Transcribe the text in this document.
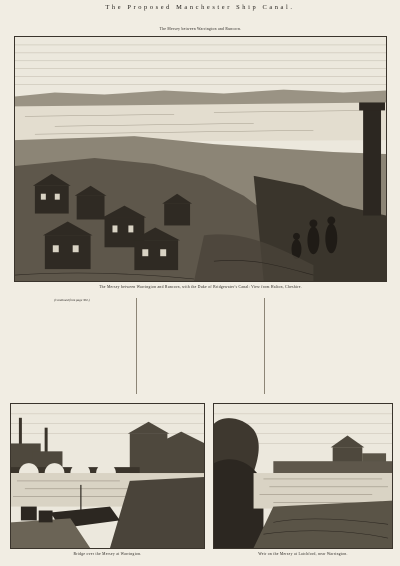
The Proposed Manchester Ship Canal.
The Mersey between Warrington and Runcorn.
The Mersey between Warrington and Runcorn, with the Duke of Bridgewater's Canal: View from Halton, Cheshire.
(Continued from page 302.)

Bridge over the Mersey at Warrington.	Weir on the Mersey at Latchford, near Warrington.
